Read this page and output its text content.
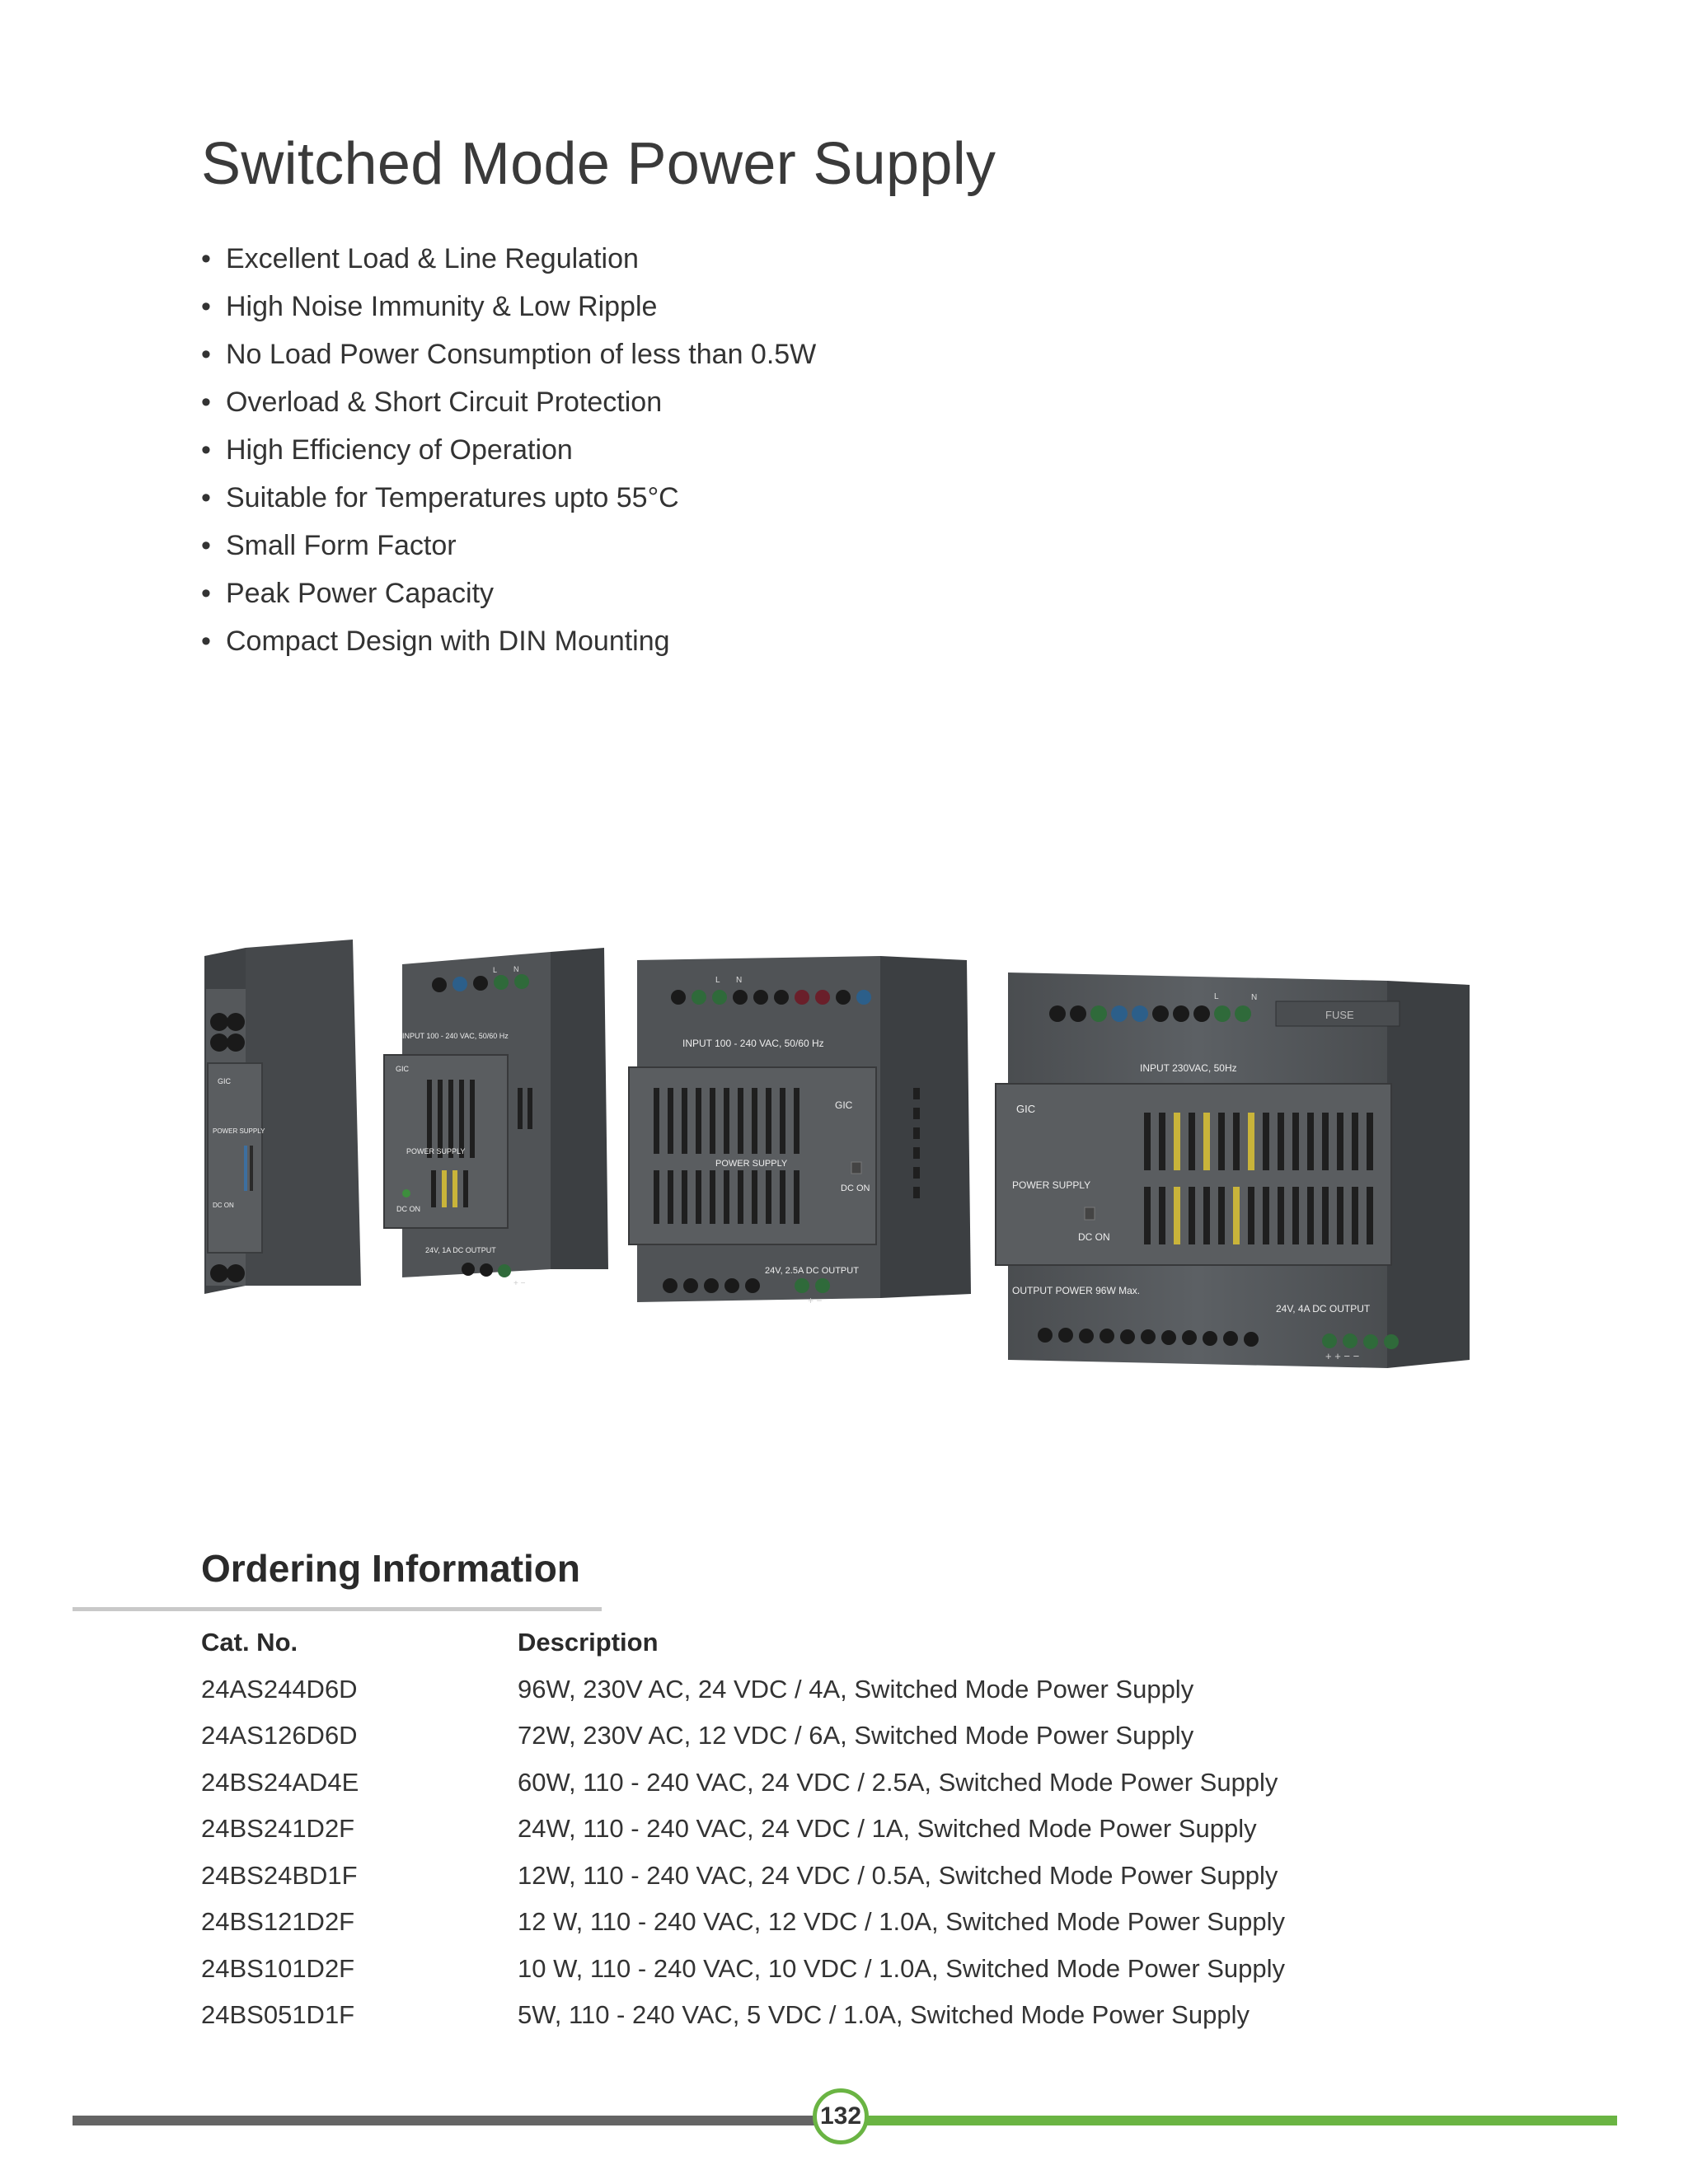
Switched Mode Power Supply
• Excellent Load & Line Regulation
• High Noise Immunity & Low Ripple
• No Load Power Consumption of less than 0.5W
• Overload & Short Circuit Protection
• High Efficiency of Operation
• Suitable for Temperatures upto 55°C
• Small Form Factor
• Peak Power Capacity
• Compact Design with DIN Mounting
GIC
POWER SUPPLY
DC ON
L N
INPUT 100 - 240 VAC, 50/60 Hz
GIC
POWER SUPPLY
DC ON
24V, 1A DC OUTPUT
+ −
L N
INPUT 100 - 240 VAC, 50/60 Hz
GIC
POWER SUPPLY
DC ON
24V, 2.5A DC OUTPUT
+ −
L	N
FUSE
INPUT 230VAC, 50Hz
GIC
POWER SUPPLY
DC ON
OUTPUT POWER 96W Max.
24V, 4A DC OUTPUT
+ + − −
Ordering Information
Cat. No.	Description
24AS244D6D	96W, 230V AC, 24 VDC / 4A, Switched Mode Power Supply
24AS126D6D	72W, 230V AC, 12 VDC / 6A, Switched Mode Power Supply
24BS24AD4E	60W, 110 - 240 VAC, 24 VDC / 2.5A, Switched Mode Power Supply
24BS241D2F	24W, 110 - 240 VAC, 24 VDC / 1A, Switched Mode Power Supply
24BS24BD1F	12W, 110 - 240 VAC, 24 VDC / 0.5A, Switched Mode Power Supply
24BS121D2F	12 W, 110 - 240 VAC, 12 VDC / 1.0A, Switched Mode Power Supply
24BS101D2F	10 W, 110 - 240 VAC, 10 VDC / 1.0A, Switched Mode Power Supply
24BS051D1F	5W, 110 - 240 VAC, 5 VDC / 1.0A, Switched Mode Power Supply
132
